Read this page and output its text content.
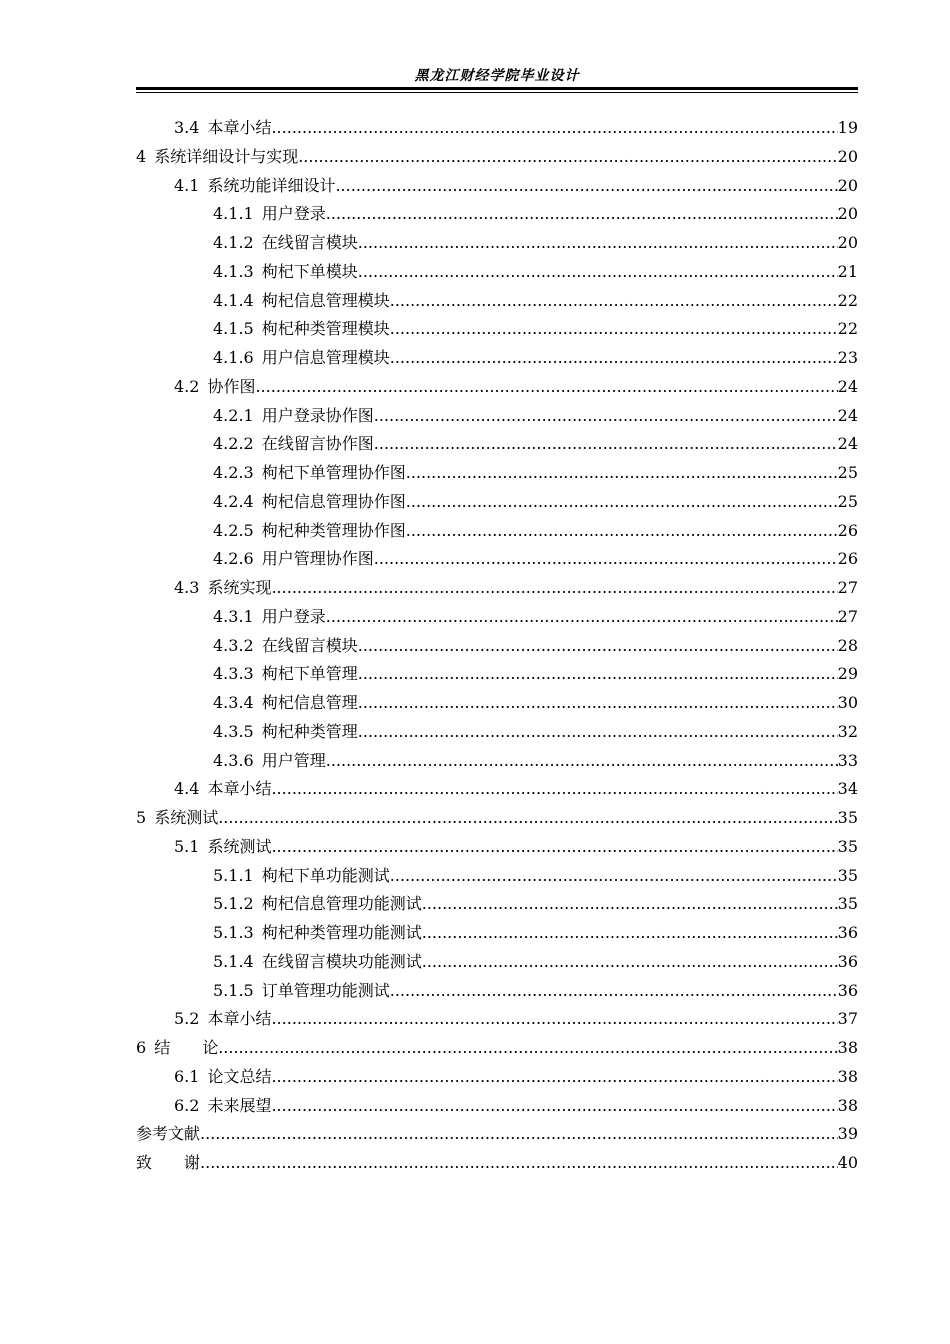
黑龙江财经学院毕业设计
3.4 本章小结 .....	19
4 系统详细设计与实现 .....	20
4.1 系统功能详细设计 .....	20
4.1.1 用户登录 .....	20
4.1.2 在线留言模块 .....	20
4.1.3 枸杞下单模块 .....	21
4.1.4 枸杞信息管理模块 .....	22
4.1.5 枸杞种类管理模块 .....	22
4.1.6 用户信息管理模块 .....	23
4.2 协作图 .....	24
4.2.1 用户登录协作图 .....	24
4.2.2 在线留言协作图 .....	24
4.2.3 枸杞下单管理协作图 .....	25
4.2.4 枸杞信息管理协作图 .....	25
4.2.5 枸杞种类管理协作图 .....	26
4.2.6 用户管理协作图 .....	26
4.3 系统实现 .....	27
4.3.1 用户登录 .....	27
4.3.2 在线留言模块 .....	28
4.3.3 枸杞下单管理 .....	29
4.3.4 枸杞信息管理 .....	30
4.3.5 枸杞种类管理 .....	32
4.3.6 用户管理 .....	33
4.4 本章小结 .....	34
5 系统测试 .....	35
5.1 系统测试 .....	35
5.1.1 枸杞下单功能测试 .....	35
5.1.2 枸杞信息管理功能测试 .....	35
5.1.3 枸杞种类管理功能测试 .....	36
5.1.4 在线留言模块功能测试 .....	36
5.1.5 订单管理功能测试 .....	36
5.2 本章小结 .....	37
6 结　　论 .....	38
6.1 论文总结 .....	38
6.2 未来展望 .....	38
参考文献 .....	39
致　　谢 .....	40
